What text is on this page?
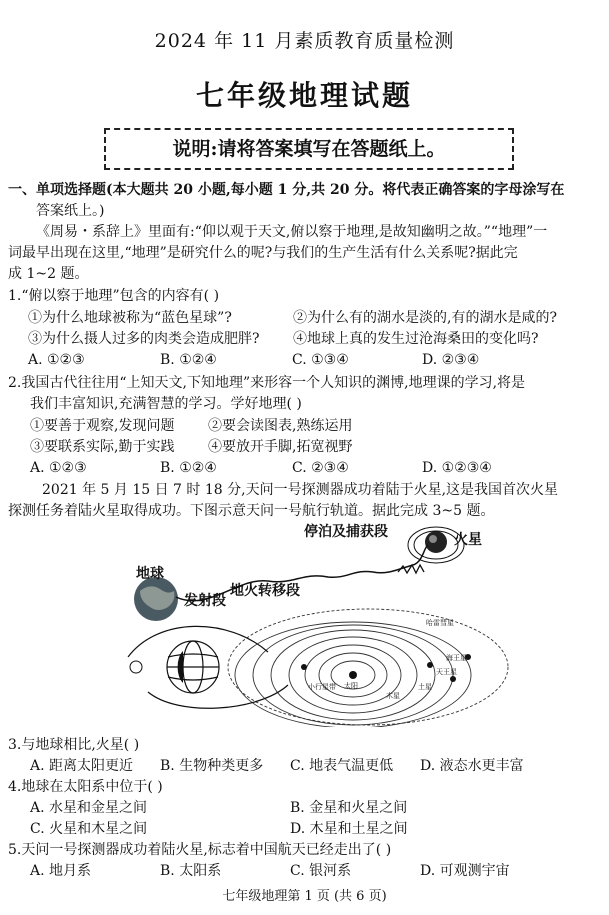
2024 年 11 月素质教育质量检测
七年级地理试题
说明:请将答案填写在答题纸上。
一、单项选择题(本大题共 20 小题,每小题 1 分,共 20 分。将代表正确答案的字母涂写在
答案纸上。)
《周易・系辞上》里面有:“仰以观于天文,俯以察于地理,是故知幽明之故。”“地理”一
词最早出现在这里,“地理”是研究什么的呢?与我们的生产生活有什么关系呢?据此完
成 1~2 题。
1.“俯以察于地理”包含的内容有( )
①为什么地球被称为“蓝色星球”?	②为什么有的湖水是淡的,有的湖水是咸的?
③为什么摄人过多的肉类会造成肥胖? ④地球上真的发生过沧海桑田的变化吗?
A. ①②③	B. ①②④	C. ①③④	D. ②③④
2.我国古代往往用“上知天文,下知地理”来形容一个人知识的渊博,地理课的学习,将是
我们丰富知识,充满智慧的学习。学好地理( )
①要善于观察,发现问题 ②要会读图表,熟练运用
③要联系实际,勤于实践 ④要放开手脚,拓宽视野
A. ①②③	B. ①②④	C. ②③④	D. ①②③④
2021 年 5 月 15 日 7 时 18 分,天问一号探测器成功着陆于火星,这是我国首次火星
探测任务着陆火星取得成功。下图示意天问一号航行轨道。据此完成 3~5 题。
停泊及捕获段	火星
地球
发射段
地火转移段
哈雷彗星
海王星
天王星
土星
木星
太阳
小行星带
3.与地球相比,火星( )
A. 距离太阳更近 B. 生物种类更多 C. 地表气温更低 D. 液态水更丰富
4.地球在太阳系中位于( )
A. 水星和金星之间	B. 金星和火星之间
C. 火星和木星之间	D. 木星和土星之间
5.天问一号探测器成功着陆火星,标志着中国航天已经走出了( )
A. 地月系	B. 太阳系	C. 银河系	D. 可观测宇宙
七年级地理第 1 页 (共 6 页)
